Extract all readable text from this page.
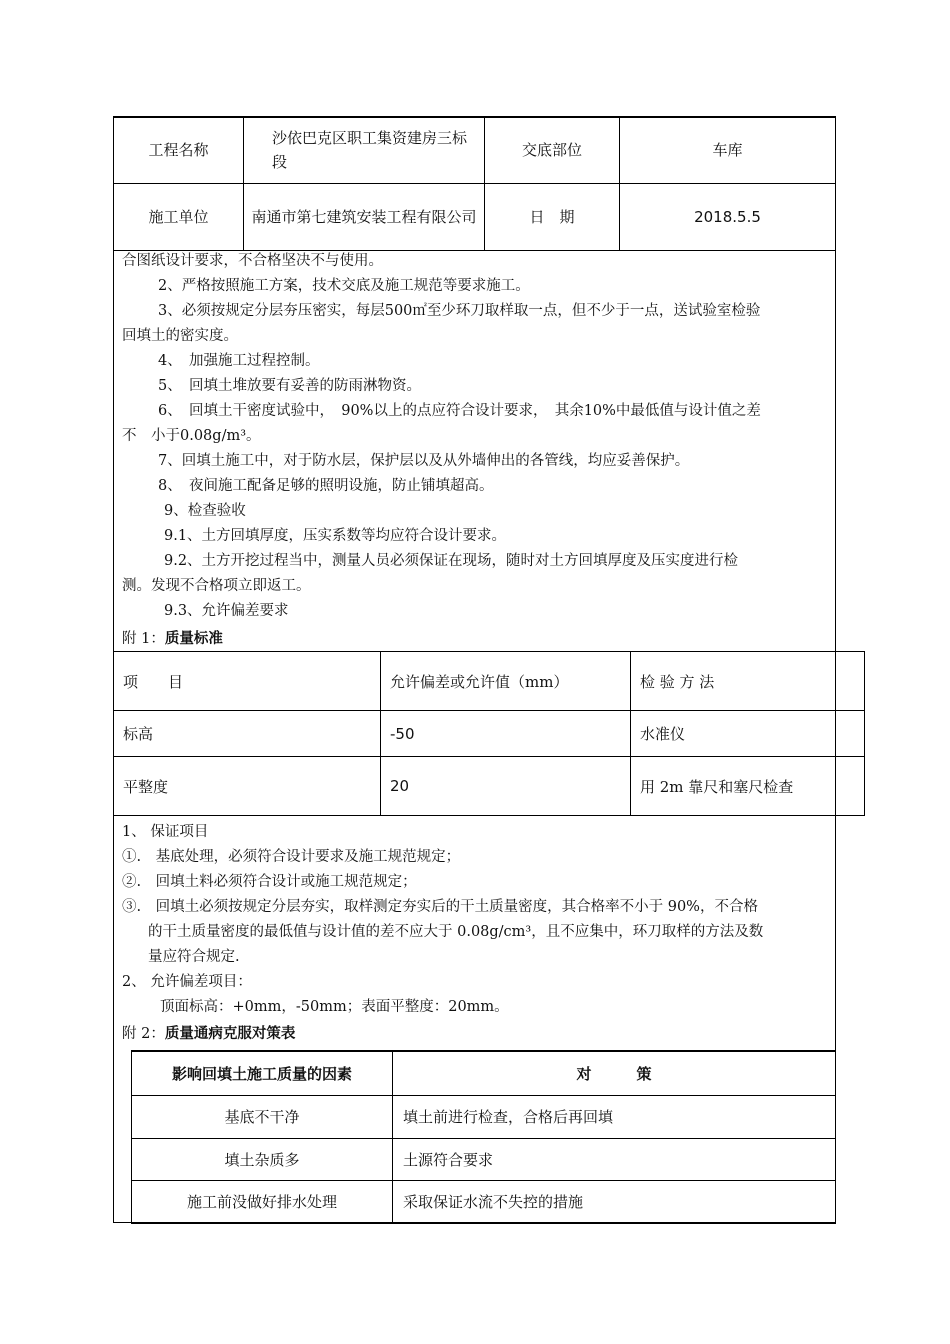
工程名称	沙依巴克区职工集资建房三标段	交底部位	车库
施工单位	南通市第七建筑安装工程有限公司	日　期	2018.5.5
合图纸设计要求，不合格坚决不与使用。
2、严格按照施工方案，技术交底及施工规范等要求施工。
3、必须按规定分层夯压密实，每层500㎡至少环刀取样取一点，但不少于一点，送试验室检验
回填土的密实度。
4、　加强施工过程控制。
5、　回填土堆放要有妥善的防雨淋物资。
6、　回填土干密度试验中，　90%以上的点应符合设计要求，　其余10%中最低值与设计值之差
不　小于0.08g/m³。
7、回填土施工中，对于防水层，保护层以及从外墙伸出的各管线，均应妥善保护。
8、　夜间施工配备足够的照明设施，防止铺填超高。
9、检查验收
9.1、土方回填厚度，压实系数等均应符合设计要求。
9.2、土方开挖过程当中，测量人员必须保证在现场，随时对土方回填厚度及压实度进行检
测。发现不合格项立即返工。
9.3、允许偏差要求
附 1：质量标准
项　　目	允许偏差或允许值（mm）	检 验 方 法
标高	-50	水准仪
平整度	20	用 2m 靠尺和塞尺检查
1、 保证项目
①.　基底处理，必须符合设计要求及施工规范规定；
②.　回填土料必须符合设计或施工规范规定；
③.　回填土必须按规定分层夯实，取样测定夯实后的干土质量密度，其合格率不小于 90%，不合格
的干土质量密度的最低值与设计值的差不应大于 0.08g/cm³，且不应集中，环刀取样的方法及数
量应符合规定.
2、 允许偏差项目：
顶面标高：+0mm，-50mm；表面平整度：20mm。
附 2：质量通病克服对策表
影响回填土施工质量的因素	对　　　策
基底不干净	填土前进行检查，合格后再回填
填土杂质多	土源符合要求
施工前没做好排水处理	采取保证水流不失控的措施
